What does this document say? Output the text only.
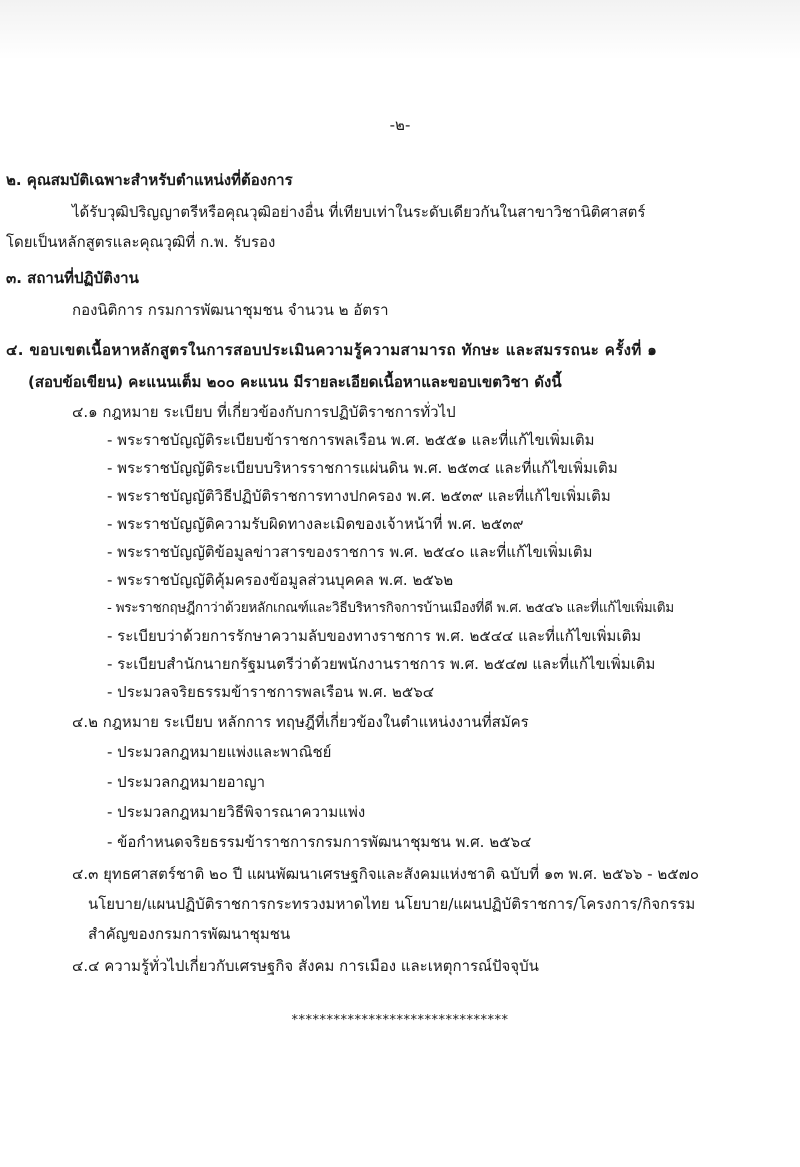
-๒-
๒. คุณสมบัติเฉพาะสำหรับตำแหน่งที่ต้องการ
ได้รับวุฒิปริญญาตรีหรือคุณวุฒิอย่างอื่น ที่เทียบเท่าในระดับเดียวกันในสาขาวิชานิติศาสตร์
โดยเป็นหลักสูตรและคุณวุฒิที่ ก.พ. รับรอง
๓. สถานที่ปฏิบัติงาน
กองนิติการ กรมการพัฒนาชุมชน จำนวน ๒ อัตรา
๔. ขอบเขตเนื้อหาหลักสูตรในการสอบประเมินความรู้ความสามารถ ทักษะ และสมรรถนะ ครั้งที่ ๑
(สอบข้อเขียน) คะแนนเต็ม ๒๐๐ คะแนน มีรายละเอียดเนื้อหาและขอบเขตวิชา ดังนี้
๔.๑ กฎหมาย ระเบียบ ที่เกี่ยวข้องกับการปฏิบัติราชการทั่วไป
- พระราชบัญญัติระเบียบข้าราชการพลเรือน พ.ศ. ๒๕๕๑ และที่แก้ไขเพิ่มเติม
- พระราชบัญญัติระเบียบบริหารราชการแผ่นดิน พ.ศ. ๒๕๓๔ และที่แก้ไขเพิ่มเติม
- พระราชบัญญัติวิธีปฏิบัติราชการทางปกครอง พ.ศ. ๒๕๓๙ และที่แก้ไขเพิ่มเติม
- พระราชบัญญัติความรับผิดทางละเมิดของเจ้าหน้าที่ พ.ศ. ๒๕๓๙
- พระราชบัญญัติข้อมูลข่าวสารของราชการ พ.ศ. ๒๕๔๐ และที่แก้ไขเพิ่มเติม
- พระราชบัญญัติคุ้มครองข้อมูลส่วนบุคคล พ.ศ. ๒๕๖๒
- พระราชกฤษฎีกาว่าด้วยหลักเกณฑ์และวิธีบริหารกิจการบ้านเมืองที่ดี พ.ศ. ๒๕๔๖ และที่แก้ไขเพิ่มเติม
- ระเบียบว่าด้วยการรักษาความลับของทางราชการ พ.ศ. ๒๕๔๔ และที่แก้ไขเพิ่มเติม
- ระเบียบสำนักนายกรัฐมนตรีว่าด้วยพนักงานราชการ พ.ศ. ๒๕๔๗ และที่แก้ไขเพิ่มเติม
- ประมวลจริยธรรมข้าราชการพลเรือน พ.ศ. ๒๕๖๔
๔.๒ กฎหมาย ระเบียบ หลักการ ทฤษฎีที่เกี่ยวข้องในตำแหน่งงานที่สมัคร
- ประมวลกฎหมายแพ่งและพาณิชย์
- ประมวลกฎหมายอาญา
- ประมวลกฎหมายวิธีพิจารณาความแพ่ง
- ข้อกำหนดจริยธรรมข้าราชการกรมการพัฒนาชุมชน พ.ศ. ๒๕๖๔
๔.๓ ยุทธศาสตร์ชาติ ๒๐ ปี แผนพัฒนาเศรษฐกิจและสังคมแห่งชาติ ฉบับที่ ๑๓ พ.ศ. ๒๕๖๖ - ๒๕๗๐
นโยบาย/แผนปฏิบัติราชการกระทรวงมหาดไทย นโยบาย/แผนปฏิบัติราชการ/โครงการ/กิจกรรม
สำคัญของกรมการพัฒนาชุมชน
๔.๔ ความรู้ทั่วไปเกี่ยวกับเศรษฐกิจ สังคม การเมือง และเหตุการณ์ปัจจุบัน
*******************************
